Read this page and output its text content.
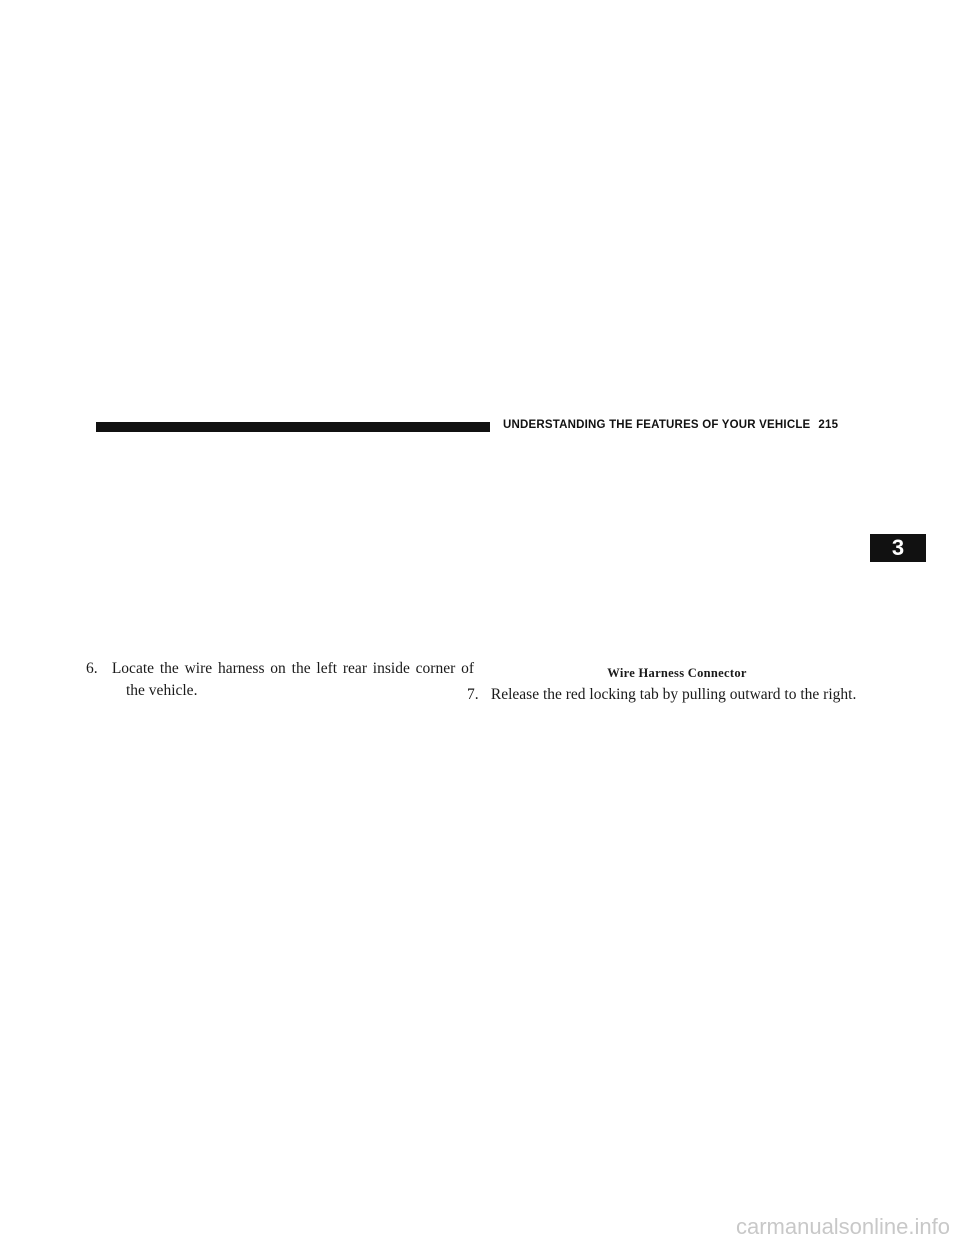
UNDERSTANDING THE FEATURES OF YOUR VEHICLE 215
3
6. Locate the wire harness on the left rear inside corner of the vehicle.
Wire Harness Connector
7. Release the red locking tab by pulling outward to the right.
carmanualsonline.info
